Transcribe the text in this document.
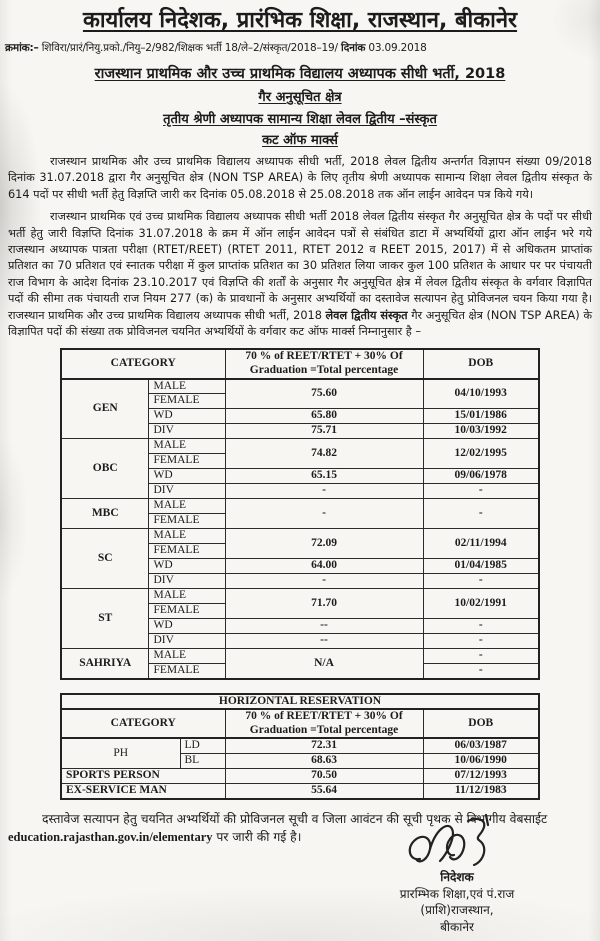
कार्यालय निदेशक, प्रारंभिक शिक्षा, राजस्थान, बीकानेर
क्रमांक:– शिविरा/प्रारं/नियु.प्रको./नियु–2/982/शिक्षक भर्ती 18/ले–2/संस्कृत/2018–19/ दिनांक 03.09.2018
राजस्थान प्राथमिक और उच्च प्राथमिक विद्यालय अध्यापक सीधी भर्ती, 2018
गैर अनुसूचित क्षेत्र
तृतीय श्रेणी अध्यापक सामान्य शिक्षा लेवल द्वितीय –संस्कृत
कट ऑफ मार्क्स
राजस्थान प्राथमिक और उच्च प्राथमिक विद्यालय अध्यापक सीधी भर्ती, 2018 लेवल द्वितीय अन्तर्गत विज्ञापन संख्या 09/2018 दिनांक 31.07.2018 द्वारा गैर अनुसूचित क्षेत्र (NON TSP AREA) के लिए तृतीय श्रेणी अध्यापक सामान्य शिक्षा लेवल द्वितीय संस्कृत के 614 पदों पर सीधी भर्ती हेतु विज्ञप्ति जारी कर दिनांक 05.08.2018 से 25.08.2018 तक ऑन लाईन आवेदन पत्र किये गये।
राजस्थान प्राथमिक एवं उच्च प्राथमिक विद्यालय अध्यापक सीधी भर्ती 2018 लेवल द्वितीय संस्कृत गैर अनुसूचित क्षेत्र के पदों पर सीधी भर्ती हेतु जारी विज्ञप्ति दिनांक 31.07.2018 के क्रम में ऑन लाईन आवेदन पत्रों से संबंधित डाटा में अभ्यर्थियों द्वारा ऑन लाईन भरे गये राजस्थान अध्यापक पात्रता परीक्षा (RTET/REET) (RTET 2011, RTET 2012 व REET 2015, 2017) में से अधिकतम प्राप्तांक प्रतिशत का 70 प्रतिशत एवं स्नातक परीक्षा में कुल प्राप्तांक प्रतिशत का 30 प्रतिशत लिया जाकर कुल 100 प्रतिशत के आधार पर पर पंचायती राज विभाग के आदेश दिनांक 23.10.2017 एवं विज्ञप्ति की शर्तों के अनुसार गैर अनुसूचित क्षेत्र में लेवल द्वितीय संस्कृत के वर्गवार विज्ञापित पदों की सीमा तक पंचायती राज नियम 277 (क) के प्रावधानों के अनुसार अभ्यर्थियों का दस्तावेज सत्यापन हेतु प्रोविजनल चयन किया गया है। राजस्थान प्राथमिक और उच्च प्राथमिक विद्यालय अध्यापक सीधी भर्ती, 2018 लेवल द्वितीय संस्कृत गैर अनुसूचित क्षेत्र (NON TSP AREA) के विज्ञापित पदों की संख्या तक प्रोविजनल चयनित अभ्यर्थियों के वर्गवार कट ऑफ मार्क्स निम्नानुसार है –
CATEGORY		70 % of REET/RTET + 30% Of Graduation =Total percentage	DOB
GEN	MALE	75.60	04/10/1993
	FEMALE		
	WD	65.80	15/01/1986
	DIV	75.71	10/03/1992
OBC	MALE	74.82	12/02/1995
	FEMALE		
	WD	65.15	09/06/1978
	DIV	-	-
MBC	MALE	-	-
	FEMALE		
SC	MALE	72.09	02/11/1994
	FEMALE		
	WD	64.00	01/04/1985
	DIV	-	-
ST	MALE	71.70	10/02/1991
	FEMALE		
	WD	--	-
	DIV	--	-
SAHRIYA	MALE	N/A	-
	FEMALE		-
HORIZONTAL RESERVATION			
CATEGORY		70 % of REET/RTET + 30% Of Graduation =Total percentage	DOB
PH	LD	72.31	06/03/1987
	BL	68.63	10/06/1990
SPORTS PERSON		70.50	07/12/1993
EX-SERVICE MAN		55.64	11/12/1983
दस्तावेज सत्यापन हेतु चयनित अभ्यर्थियों की प्रोविजनल सूची व जिला आवंटन की सूची पृथक से विभागीय वेबसाईट education.rajasthan.gov.in/elementary पर जारी की गई है।
निदेशक
प्रारम्भिक शिक्षा,एवं पं.राज
(प्राशि)राजस्थान,
बीकानेर
